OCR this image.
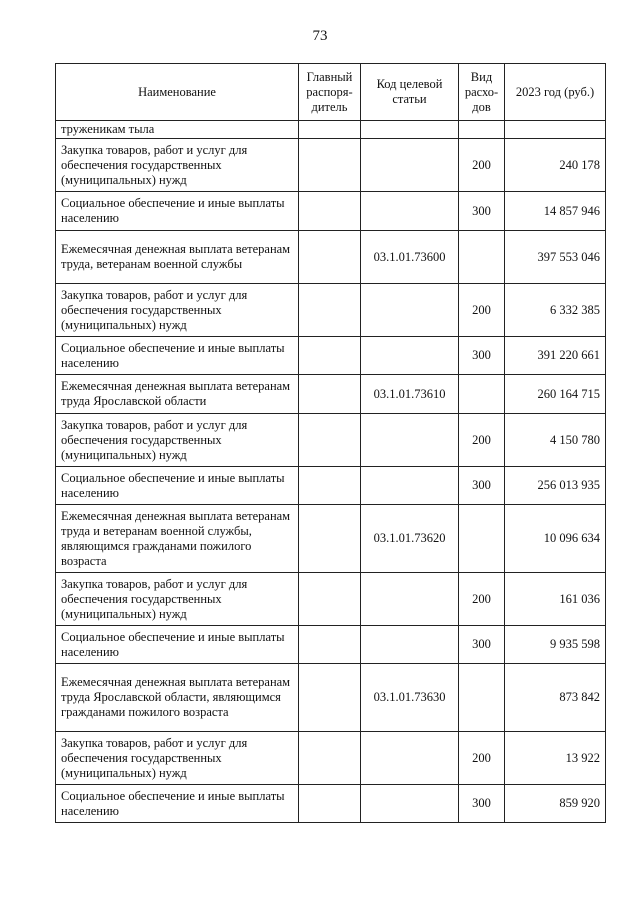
73
Наименование	Главный распоря-дитель	Код целевой статьи	Вид расхо-дов	2023 год (руб.)
труженикам тыла				
Закупка товаров, работ и услуг для обеспечения государственных (муниципальных) нужд			200	240 178
Социальное обеспечение и иные выплаты населению			300	14 857 946
Ежемесячная денежная выплата ветеранам труда, ветеранам военной службы		03.1.01.73600		397 553 046
Закупка товаров, работ и услуг для обеспечения государственных (муниципальных) нужд			200	6 332 385
Социальное обеспечение и иные выплаты населению			300	391 220 661
Ежемесячная денежная выплата ветеранам труда Ярославской области		03.1.01.73610		260 164 715
Закупка товаров, работ и услуг для обеспечения государственных (муниципальных) нужд			200	4 150 780
Социальное обеспечение и иные выплаты населению			300	256 013 935
Ежемесячная денежная выплата ветеранам труда и ветеранам военной службы, являющимся гражданами пожилого возраста		03.1.01.73620		10 096 634
Закупка товаров, работ и услуг для обеспечения государственных (муниципальных) нужд			200	161 036
Социальное обеспечение и иные выплаты населению			300	9 935 598
Ежемесячная денежная выплата ветеранам труда Ярославской области, являющимся гражданами пожилого возраста		03.1.01.73630		873 842
Закупка товаров, работ и услуг для обеспечения государственных (муниципальных) нужд			200	13 922
Социальное обеспечение и иные выплаты населению			300	859 920
